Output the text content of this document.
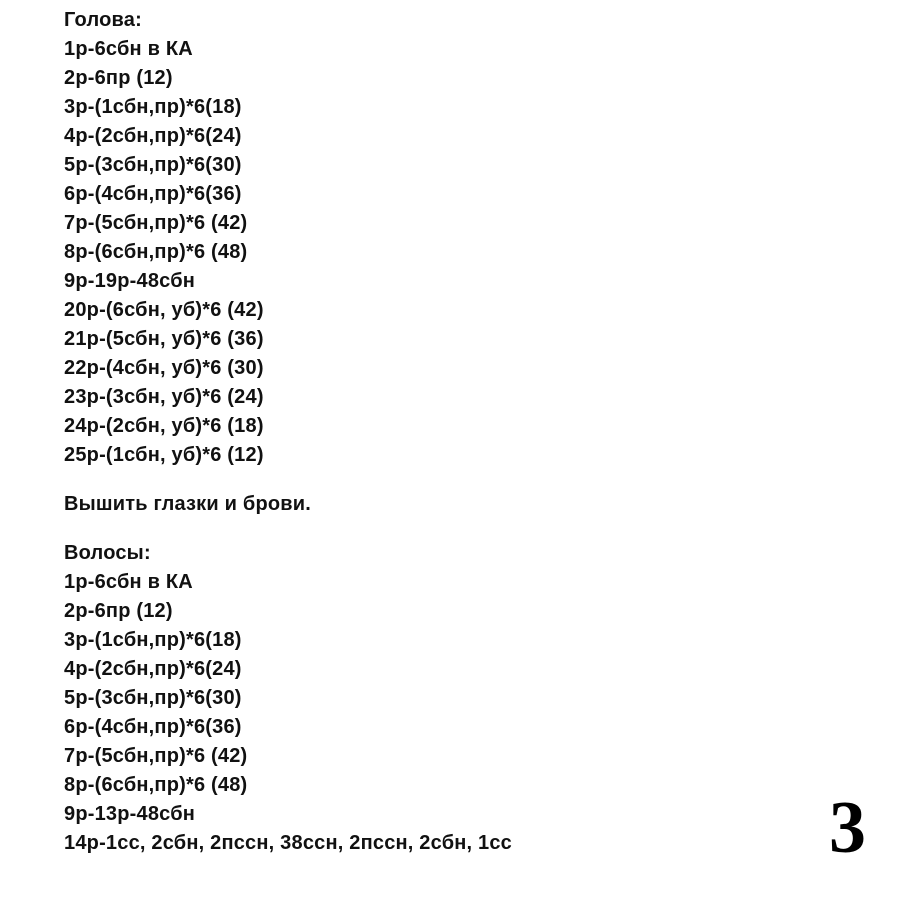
Голова:
1р-6сбн в КА
2р-6пр (12)
3р-(1сбн,пр)*6(18)
4р-(2сбн,пр)*6(24)
5р-(3сбн,пр)*6(30)
6р-(4сбн,пр)*6(36)
7р-(5сбн,пр)*6 (42)
8р-(6сбн,пр)*6 (48)
9р-19р-48сбн
20р-(6сбн, уб)*6 (42)
21р-(5сбн, уб)*6 (36)
22р-(4сбн, уб)*6 (30)
23р-(3сбн, уб)*6 (24)
24р-(2сбн, уб)*6 (18)
25р-(1сбн, уб)*6 (12)
Вышить глазки и брови.
Волосы:
1р-6сбн в КА
2р-6пр (12)
3р-(1сбн,пр)*6(18)
4р-(2сбн,пр)*6(24)
5р-(3сбн,пр)*6(30)
6р-(4сбн,пр)*6(36)
7р-(5сбн,пр)*6 (42)
8р-(6сбн,пр)*6 (48)
9р-13р-48сбн
14р-1сс, 2сбн, 2пссн, 38ссн, 2пссн, 2сбн, 1сс	3
